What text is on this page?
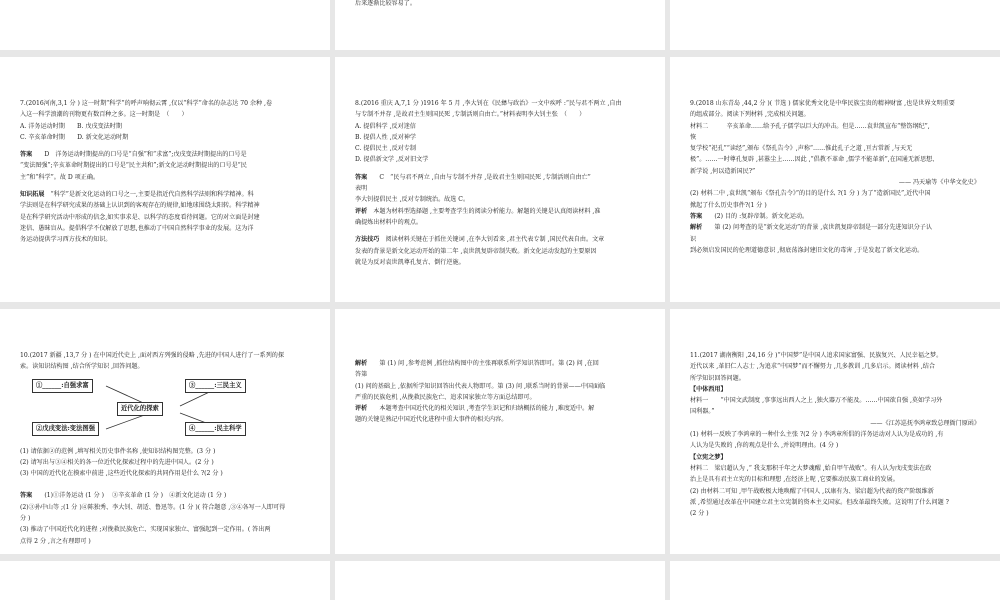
后来逐渐比较容易了。
7.(2016河南,3,1 分 ) 这一时期“科学”的呼声响彻云霄 ,仅以“科学”命名的杂志达 70 余种 ,卷
入这一科学浪潮的刊物更有数百种之多。这一时期是　（　　）
A. 洋务运动时期　　B. 戊戌变法时期
C. 辛亥革命时期　　D. 新文化运动时期
答案　　 D　洋务运动时期提出的口号是“自强”和“求富”;戊戌变法时期提出的口号是
“变法图强”;辛亥革命时期提出的口号是“民主共和”;新文化运动时期提出的口号是“民
主”和“科学”。故 D 项正确。
知识拓展　 “科学”是新文化运动的口号之一,主要是指近代自然科学法则和科学精神。科
学法则是在科学研究成果的基础上认识到的客观存在的规律,如地球围绕太阳转。科学精神
是在科学研究活动中形成的信念,如实事求是、以科学的态度看待问题。它的对立面是封建
迷信、愚昧盲从。提倡科学不仅解放了思想,也推动了中国自然科学事业的发展。这为洋
务运动提供学习西方技术的知识。
8.(2016 重庆 A,7,1 分 )1916 年 5 月 ,李大钊在《民彝与政治》一文中疾呼 :“民与君不两立 ,自由
与专制不并存 ,是故君主生则国民死 ,专制活则自由亡。”材料表明李大钊主张　（　　）
A. 提倡科学 ,反对迷信
B. 提倡人性 ,反对神学
C. 提倡民主 ,反对专制
D. 提倡新文学 ,反对旧文学
答案　　 C　“民与君不两立 ,自由与专制不并存 ,是故君主生则国民死 ,专制活则自由亡”
表明
李大钊提倡民主 ,反对专制统治。故选 C。
评析　 本题为材料型选择题 ,主要考查学生的阅读分析能力。解题的关键是认真阅读材料 ,准
确提炼出材料中的观点。
方法技巧　 阅读材料关键在于抓住关键词 ,在李大钊看来 ,君主代表专制 ,国民代表自由。文章
发表的背景是新文化运动开始的第二年 ,袁世凯复辟帝制失败。新文化运动发起的主要原因
就是为反对袁世凯尊孔复古、倒行逆施。
9.(2018 山东青岛 ,44,2 分 )( 节选 ) 儒家优秀文化是中华民族宝贵的精神财富 ,也是世界文明重要
的组成部分。阅读下列材料 ,完成相关问题。
材料二　　　辛亥革命……给予孔子儒学以巨大的冲击。但是……袁世凯宣布“整饬纲纪”,
恢
复学校“祀孔”“读经”,颁布《祭孔告令》,声称“……惟此孔子之道 ,亘古常新 ,与天无
极”。……一时尊孔复辟 ,甚嚣尘上……因此 ,“倡教不革命 ,儒学不能革新”,在国通无新思想、
新学说 ,何以造新国民?”
—— 冯天瑜等《中华文化史》
(2) 材料二中 ,袁世凯“颁布《祭孔告令》”的目的是什么 ?(1 分 ) 为了“造新国民”,近代中国
掀起了什么历史事件?(1 分 )
答案　　 (2) 目的 :复辟帝制。新文化运动。
解析　　 第 (2) 问考查的是“新文化运动”的背景 ,袁世凯复辟帝制是一部分先进知识分子认
识
到必须启发国民的伦理道德意识 ,彻底荡涤封建旧文化的毒害 ,于是发起了新文化运动。
10.(2017 新疆 ,13,7 分 ) 在中国近代史上 ,面对西方列强的侵略 ,先进的中国人进行了一系列的探
索。读知识结构图 ,结合所学知识 ,回答问题。
①______:自强求富
②戊戌变法:变法图强
近代化的探索
③______:三民主义
④______:民主科学
(1) 请依据②的范例 ,填写相关历史事件名称 ,使知识结构图完整。(3 分 )
(2) 请写出与③④相关的各一位近代化探索过程中的先进中国人。(2 分 )
(3) 中国的近代化在摸索中前进 ,这些近代化探索的共同作用是什么 ?(2 分 )
答案　　 (1)①洋务运动 (1 分 )　 ③辛亥革命 (1 分 )　④新文化运动 (1 分 )
(2)③孙中山等 ;(1 分 )④陈独秀、李大钊、胡适、鲁迅等。(1 分 )( 符合题意 ,③④各写一人即可得
分 )
(3) 推动了中国近代化的进程 ;对挽救民族危亡、实现国家独立、富强起到一定作用。( 答出两
点得 2 分 ,言之有理即可 )
解析　　 第 (1) 问 ,参考范例 ,抓住结构图中的主张再联系所学知识答即可。第 (2) 问 ,在回
答第
(1) 问的基础上 ,依据所学知识回答出代表人物即可。第 (3) 问 ,联系当时的背景——中国面临
严重的民族危机 ,从挽救民族危亡、追求国家独立等方面总结即可。
评析　　 本题考查中国近代化的相关知识 ,考查学生识记和归纳概括的能力 ,难度适中。解
题的关键是熟记中国近代化进程中重大事件的相关内容。
11.(2017 湖南衡阳 ,24,16 分 )“中国梦”是中国人追求国家富强、民族复兴、人民幸福之梦。
近代以来 ,革旧仁人志士 ,为追求“中国梦”而不懈努力 ,几多教训 ,几多启示。阅读材料 ,结合
所学知识回答问题。
【中体西用】
材料一　　“中国文武制度 ,事事远出西人之上 ,独火器万不能及。……中国欲自强 ,莫如学习外
国利器。”
——《江苏巡抚李鸿章致总理衙门原函》
(1) 材料一反映了李鸿章的一种什么主张 ?(2 分 ) 李鸿章所倡的洋务运动对人认为是成功的 ,有
人认为是失败的 ,你的观点是什么 ,并说明理由。(4 分 )
【立宪之梦】
材料二　梁启超认为 ,“ 我支那积千年之大梦魂醒 ,始自甲午战败”。有人认为戊戌变法在政
治上是具有君主立宪的目标和理想 ,在经济上呢 ,它要推动民族工商业的发展。
(2) 由材料二可知 ,甲午战败极大地唤醒了中国人 ,以康有为、梁启超为代表的资产阶级维新
派 ,希望通过改革在中国建立君主立宪制的资本主义国家。但改革最终失败。这说明了什么问题 ?
(2 分 )
